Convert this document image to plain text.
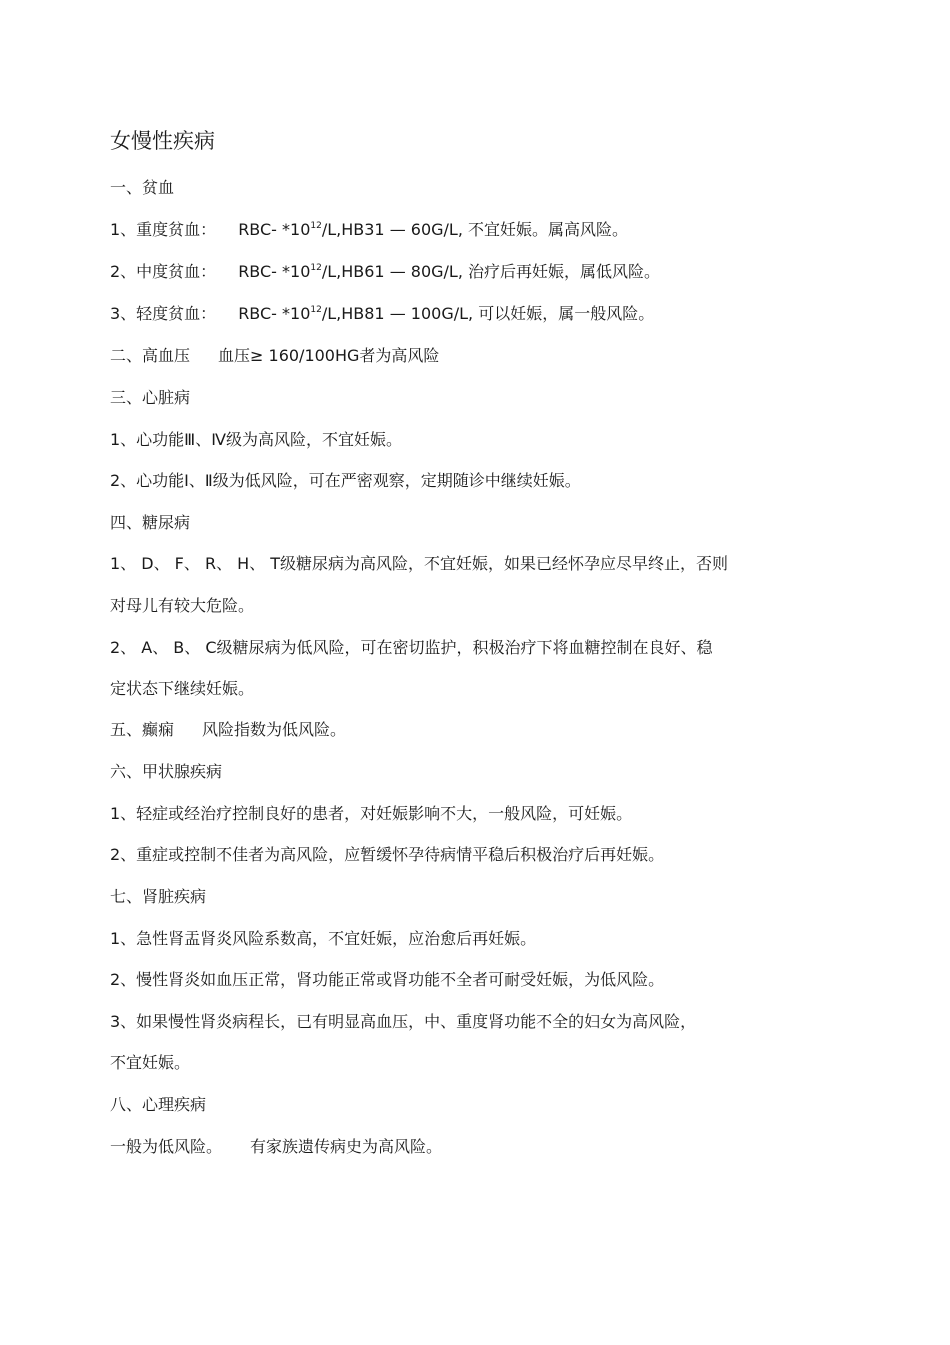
女慢性疾病
一、贫血
1、重度贫血： RBC- $*10^{12}/L,HB31$ — 60G/L, 不宜妊娠。属高风险。
2、中度贫血： RBC- $*10^{12}/L,HB61$ — 80G/L, 治疗后再妊娠，属低风险。
3、轻度贫血： RBC- $*10^{12}/L,HB81$ — 100G/L, 可以妊娠，属一般风险。
二、高血压 血压≥ 160/100HG者为高风险
三、心脏病
1、心功能Ⅲ、Ⅳ级为高风险，不宜妊娠。
2、心功能Ⅰ、Ⅱ级为低风险，可在严密观察，定期随诊中继续妊娠。
四、糖尿病
1、 D、 F、 R、 H、 T级糖尿病为高风险，不宜妊娠，如果已经怀孕应尽早终止，否则
对母儿有较大危险。
2、 A、 B、 C级糖尿病为低风险，可在密切监护，积极治疗下将血糖控制在良好、稳
定状态下继续妊娠。
五、癫痫 风险指数为低风险。
六、甲状腺疾病
1、轻症或经治疗控制良好的患者，对妊娠影响不大，一般风险，可妊娠。
2、重症或控制不佳者为高风险，应暂缓怀孕待病情平稳后积极治疗后再妊娠。
七、肾脏疾病
1、急性肾盂肾炎风险系数高，不宜妊娠，应治愈后再妊娠。
2、慢性肾炎如血压正常，肾功能正常或肾功能不全者可耐受妊娠，为低风险。
3、如果慢性肾炎病程长，已有明显高血压，中、重度肾功能不全的妇女为高风险，
不宜妊娠。
八、心理疾病
一般为低风险。 有家族遗传病史为高风险。
